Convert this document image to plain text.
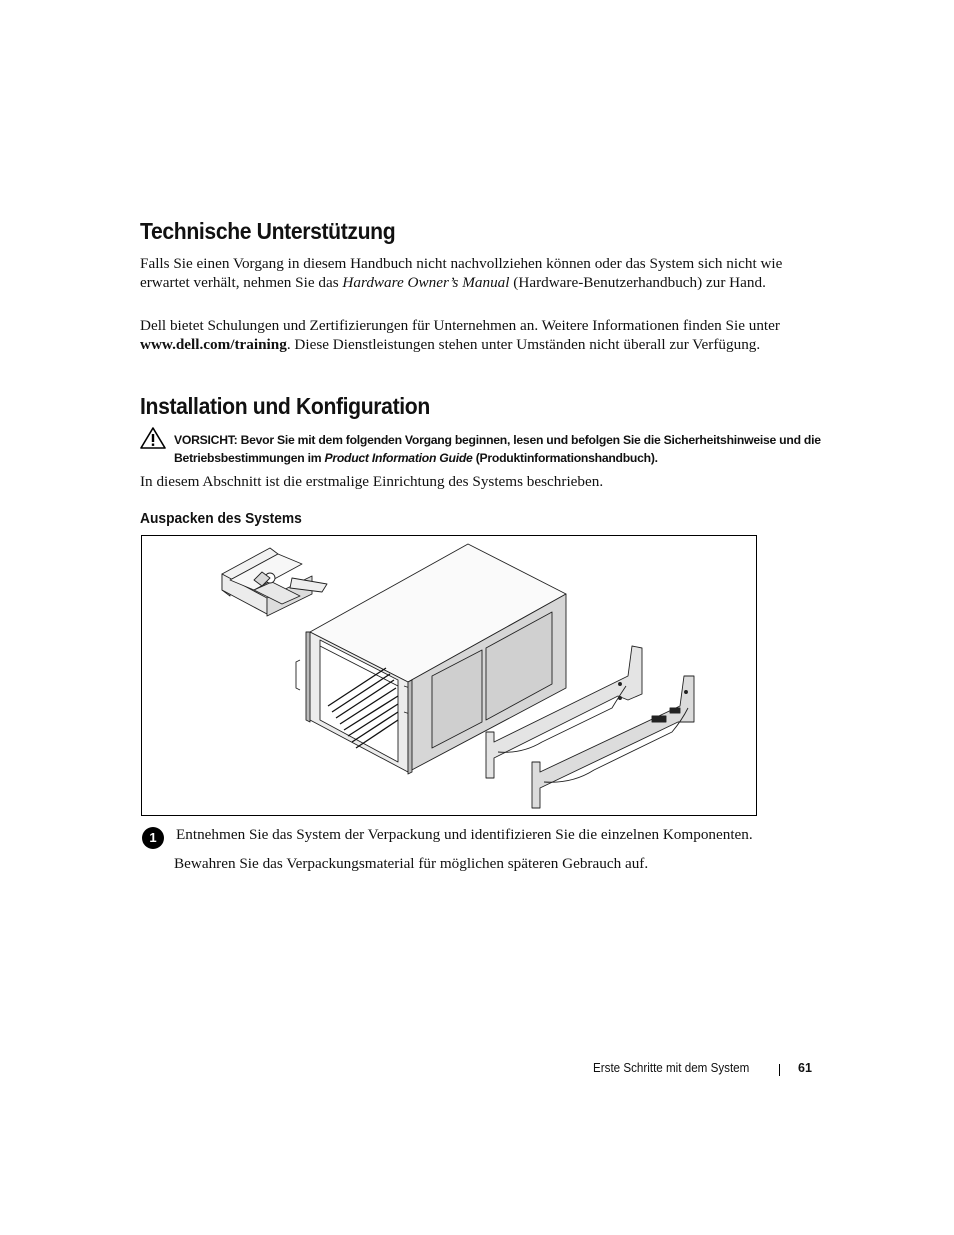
Technische Unterstützung

Falls Sie einen Vorgang in diesem Handbuch nicht nachvollziehen können oder das System sich nicht wie erwartet verhält, nehmen Sie das Hardware Owner’s Manual (Hardware-Benutzerhandbuch) zur Hand.

Dell bietet Schulungen und Zertifizierungen für Unternehmen an. Weitere Informationen finden Sie unter www.dell.com/training. Diese Dienstleistungen stehen unter Umständen nicht überall zur Verfügung.

Installation und Konfiguration
VORSICHT: Bevor Sie mit dem folgenden Vorgang beginnen, lesen und befolgen Sie die Sicherheitshinweise und die Betriebsbestimmungen im Product Information Guide (Produktinformationshandbuch).

In diesem Abschnitt ist die erstmalige Einrichtung des Systems beschrieben.

Auspacken des Systems
1	Entnehmen Sie das System der Verpackung und identifizieren Sie die einzelnen Komponenten.

Bewahren Sie das Verpackungsmaterial für möglichen späteren Gebrauch auf.

Erste Schritte mit dem System	61
